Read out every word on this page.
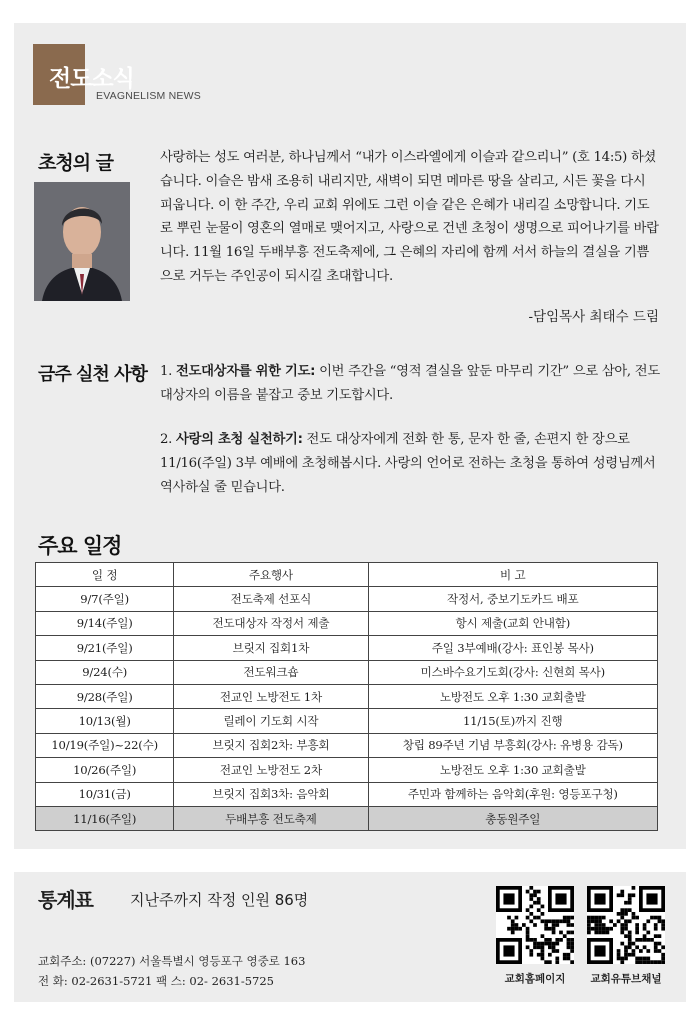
전도소식
EVAGNELISM NEWS
초청의 글	사랑하는 성도 여러분, 하나님께서 “내가 이스라엘에게 이슬과 같으리니” (호 14:5) 하셨습니다. 이슬은 밤새 조용히 내리지만, 새벽이 되면 메마른 땅을 살리고, 시든 꽃을 다시 피웁니다. 이 한 주간, 우리 교회 위에도 그런 이슬 같은 은혜가 내리길 소망합니다. 기도로 뿌린 눈물이 영혼의 열매로 맺어지고, 사랑으로 건넨 초청이 생명으로 피어나기를 바랍니다. 11월 16일 두배부흥 전도축제에, 그 은혜의 자리에 함께 서서 하늘의 결실을 기쁨으로 거두는 주인공이 되시길 초대합니다.
-담임목사 최태수 드림
금주 실천 사항 1. 전도대상자를 위한 기도: 이번 주간을 “영적 결실을 앞둔 마무리 기간” 으로 삼아, 전도 대상자의 이름을 붙잡고 중보 기도합시다.
2. 사랑의 초청 실천하기: 전도 대상자에게 전화 한 통, 문자 한 줄, 손편지 한 장으로 11/16(주일) 3부 예배에 초청해봅시다. 사랑의 언어로 전하는 초청을 통하여 성령님께서 역사하실 줄 믿습니다.
주요 일정
일 정	주요행사	비 고
9/7(주일)	전도축제 선포식	작정서, 중보기도카드 배포
9/14(주일)	전도대상자 작정서 제출	항시 제출(교회 안내함)
9/21(주일)	브릿지 집회1차	주일 3부예배(강사: 표인봉 목사)
9/24(수)	전도워크숍	미스바수요기도회(강사: 신현희 목사)
9/28(주일)	전교인 노방전도 1차	노방전도 오후 1:30 교회출발
10/13(월)	릴레이 기도회 시작	11/15(토)까지 진행
10/19(주일)~22(수)	브릿지 집회2차: 부흥회	창립 89주년 기념 부흥회(강사: 유병용 감독)
10/26(주일)	전교인 노방전도 2차	노방전도 오후 1:30 교회출발
10/31(금)	브릿지 집회3차: 음악회	주민과 함께하는 음악회(후원: 영등포구청)
11/16(주일)	두배부흥 전도축제	총동원주일
통계표 지난주까지 작정 인원 86명
교회주소: (07227) 서울특별시 영등포구 영중로 163
전 화: 02-2631-5721 팩 스: 02- 2631-5725	교회홈페이지	교회유튜브채널
